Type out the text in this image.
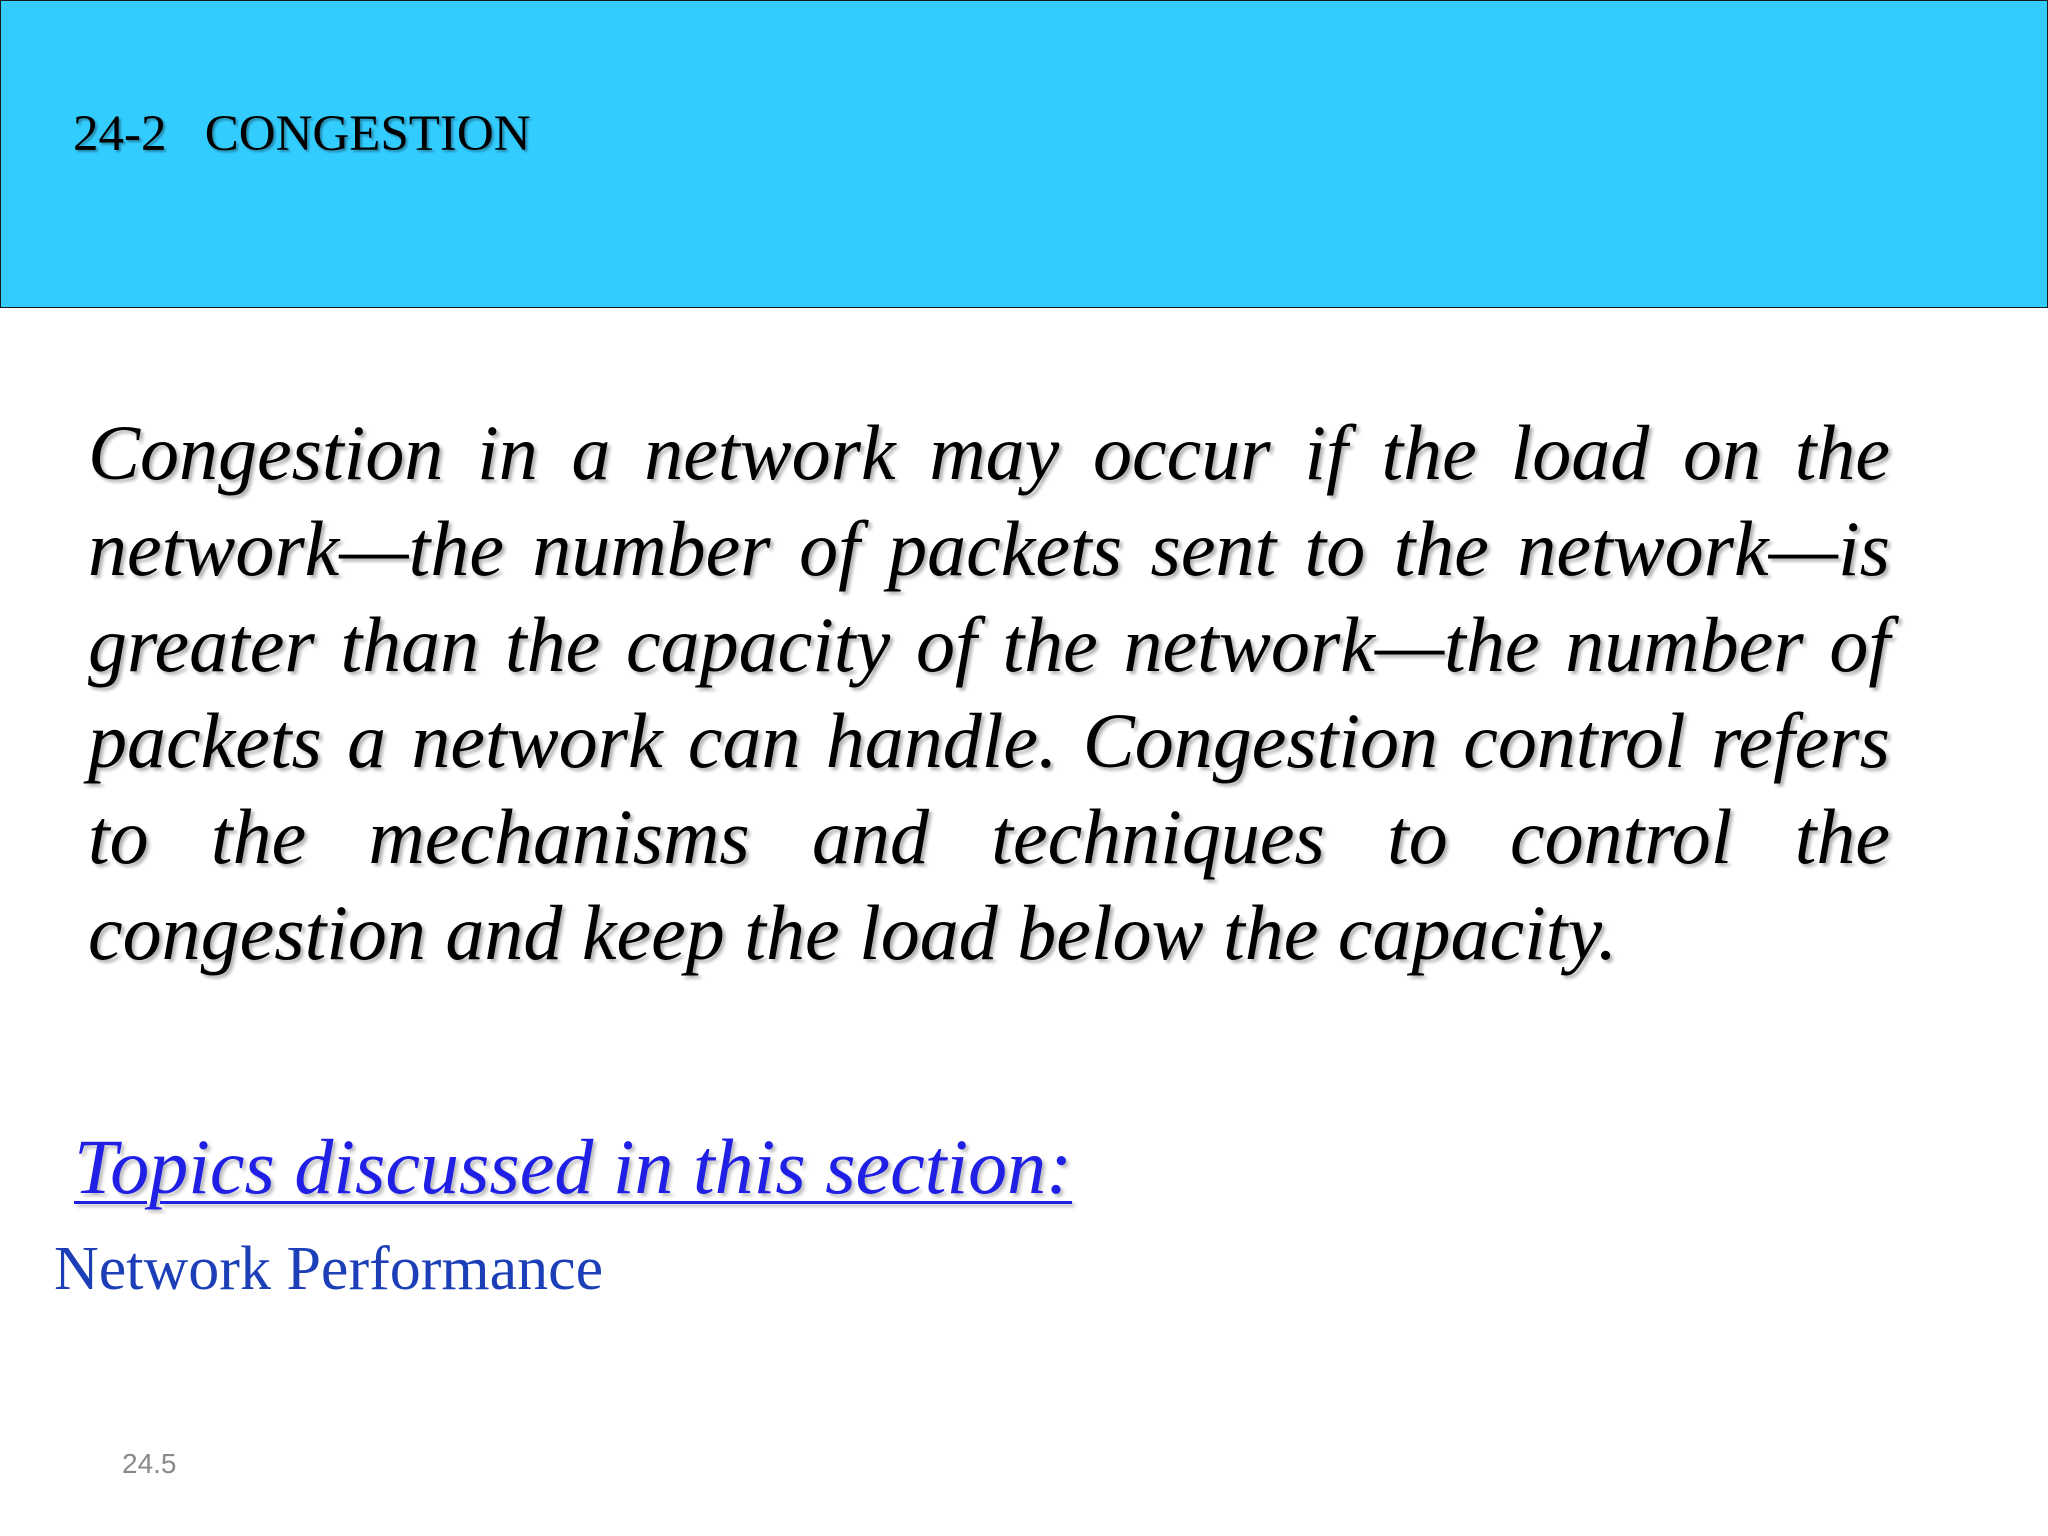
24-2   CONGESTION

Congestion in a network may occur if the load on the network—the number of packets sent to the network—is greater than the capacity of the network—the number of packets a network can handle. Congestion control refers to the mechanisms and techniques to control the congestion and keep the load below the capacity.

Topics discussed in this section:
Network Performance
24.5
